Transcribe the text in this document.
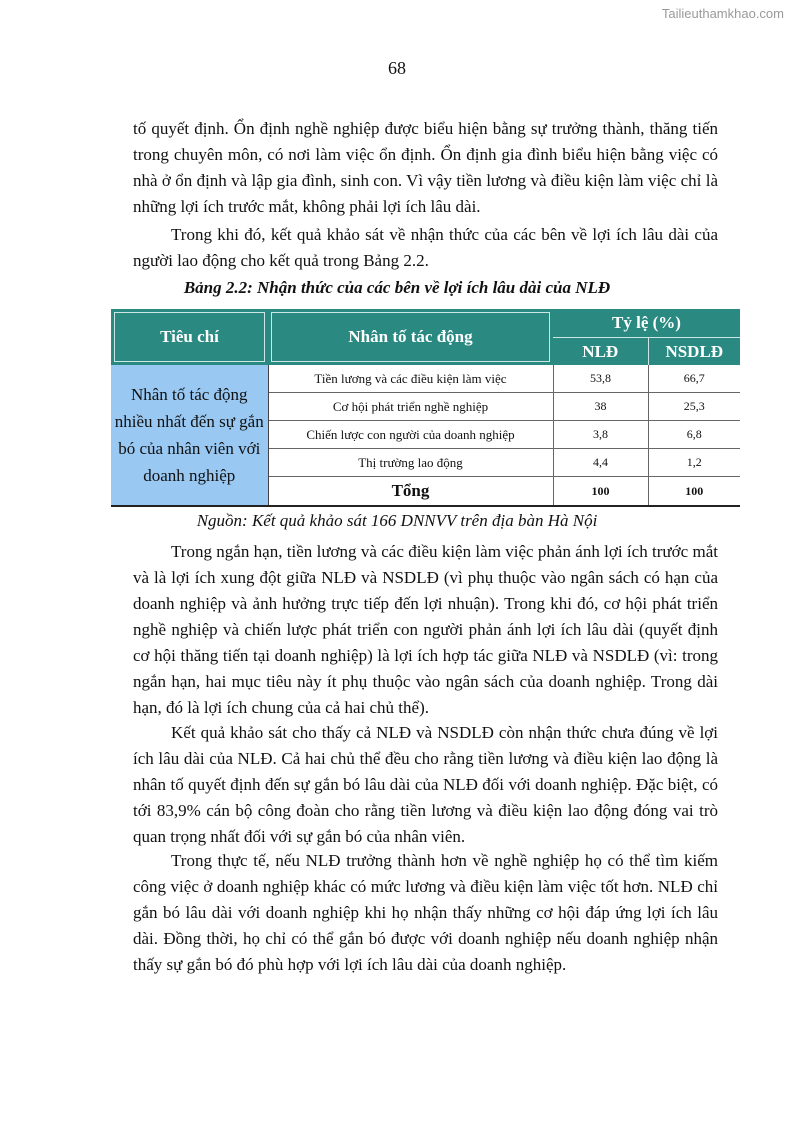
Tailieuthamkhao.com
68

tố quyết định. Ổn định nghề nghiệp được biểu hiện bằng sự trưởng thành, thăng tiến trong chuyên môn, có nơi làm việc ổn định. Ổn định gia đình biểu hiện bằng việc có nhà ở ổn định và lập gia đình, sinh con. Vì vậy tiền lương và điều kiện làm việc chỉ là những lợi ích trước mắt, không phải lợi ích lâu dài.

Trong khi đó, kết quả khảo sát về nhận thức của các bên về lợi ích lâu dài của người lao động cho kết quả trong Bảng 2.2.

Bảng 2.2: Nhận thức của các bên về lợi ích lâu dài của NLĐ
Tiêu chí	Nhân tố tác động	Tỷ lệ (%)	
		NLĐ	NSDLĐ
Nhân tố tác động nhiều nhất đến sự gắn bó của nhân viên với doanh nghiệp	Tiền lương và các điều kiện làm việc	53,8	66,7
	Cơ hội phát triển nghề nghiệp	38	25,3
	Chiến lược con người của doanh nghiệp	3,8	6,8
	Thị trường lao động	4,4	1,2
	Tổng	100	100
Nguồn: Kết quả khảo sát 166 DNNVV trên địa bàn Hà Nội

Trong ngắn hạn, tiền lương và các điều kiện làm việc phản ánh lợi ích trước mắt và là lợi ích xung đột giữa NLĐ và NSDLĐ (vì phụ thuộc vào ngân sách có hạn của doanh nghiệp và ảnh hưởng trực tiếp đến lợi nhuận). Trong khi đó, cơ hội phát triển nghề nghiệp và chiến lược phát triển con người phản ánh lợi ích lâu dài (quyết định cơ hội thăng tiến tại doanh nghiệp) là lợi ích hợp tác giữa NLĐ và NSDLĐ (vì: trong ngắn hạn, hai mục tiêu này ít phụ thuộc vào ngân sách của doanh nghiệp. Trong dài hạn, đó là lợi ích chung của cả hai chủ thể).

Kết quả khảo sát cho thấy cả NLĐ và NSDLĐ còn nhận thức chưa đúng về lợi ích lâu dài của NLĐ. Cả hai chủ thể đều cho rằng tiền lương và điều kiện lao động là nhân tố quyết định đến sự gắn bó lâu dài của NLĐ đối với doanh nghiệp. Đặc biệt, có tới 83,9% cán bộ công đoàn cho rằng tiền lương và điều kiện lao động đóng vai trò quan trọng nhất đối với sự gắn bó của nhân viên.

Trong thực tế, nếu NLĐ trưởng thành hơn về nghề nghiệp họ có thể tìm kiếm công việc ở doanh nghiệp khác có mức lương và điều kiện làm việc tốt hơn. NLĐ chỉ gắn bó lâu dài với doanh nghiệp khi họ nhận thấy những cơ hội đáp ứng lợi ích lâu dài. Đồng thời, họ chỉ có thể gắn bó được với doanh nghiệp nếu doanh nghiệp nhận thấy sự gắn bó đó phù hợp với lợi ích lâu dài của doanh nghiệp.
